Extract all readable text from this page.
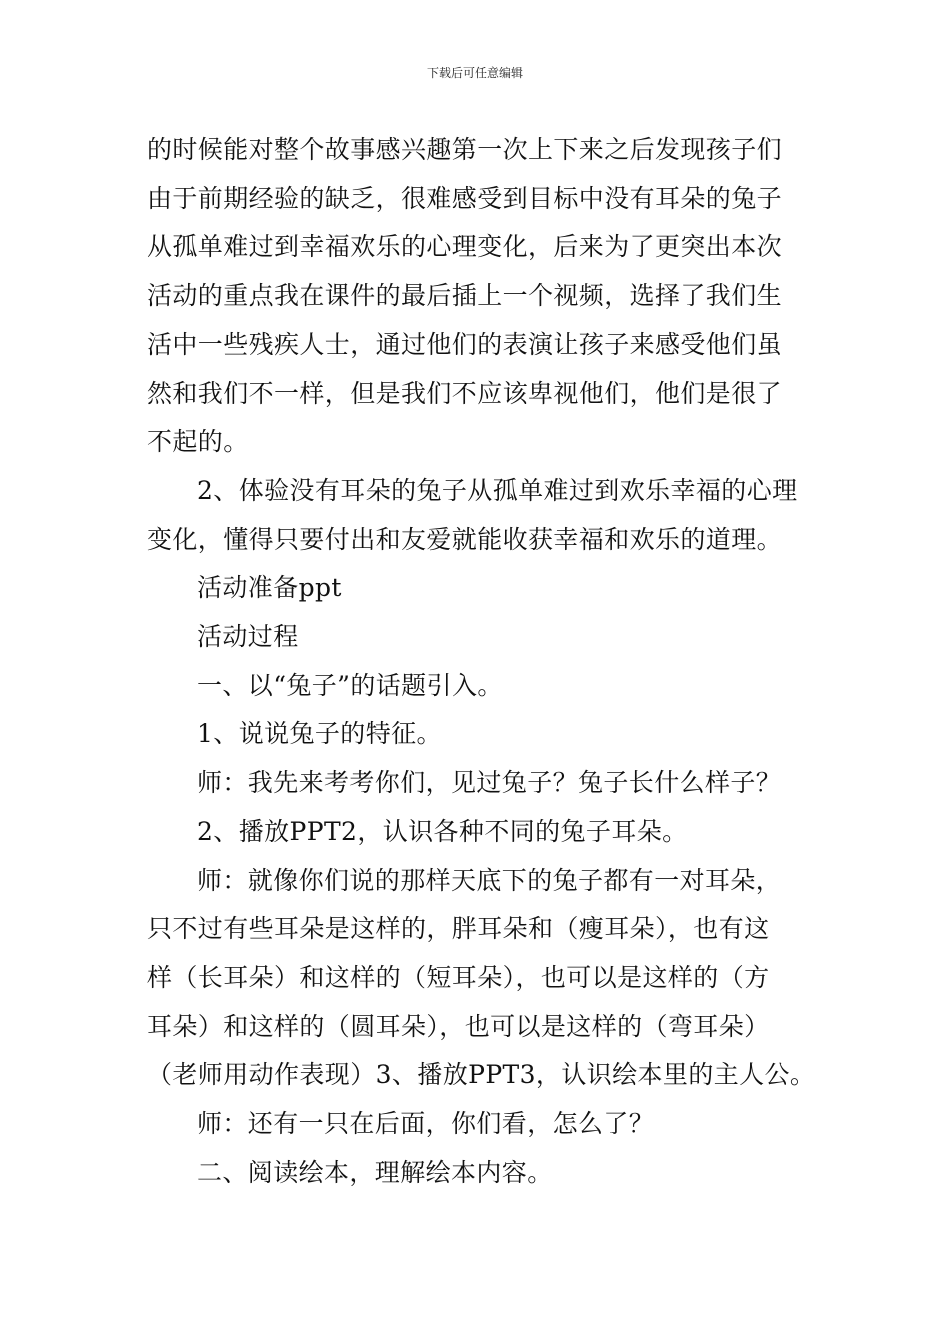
下载后可任意编辑

的时候能对整个故事感兴趣第一次上下来之后发现孩子们

由于前期经验的缺乏，很难感受到目标中没有耳朵的兔子

从孤单难过到幸福欢乐的心理变化，后来为了更突出本次

活动的重点我在课件的最后插上一个视频，选择了我们生

活中一些残疾人士，通过他们的表演让孩子来感受他们虽

然和我们不一样，但是我们不应该卑视他们，他们是很了

不起的。

2、体验没有耳朵的兔子从孤单难过到欢乐幸福的心理

变化，懂得只要付出和友爱就能收获幸福和欢乐的道理。

活动准备ppt

活动过程

一、以“兔子”的话题引入。

1、说说兔子的特征。

师：我先来考考你们，见过兔子？兔子长什么样子？

2、播放PPT2，认识各种不同的兔子耳朵。

师：就像你们说的那样天底下的兔子都有一对耳朵，

只不过有些耳朵是这样的，胖耳朵和（瘦耳朵），也有这

样（长耳朵）和这样的（短耳朵），也可以是这样的（方

耳朵）和这样的（圆耳朵），也可以是这样的（弯耳朵）

（老师用动作表现）3、播放PPT3，认识绘本里的主人公。

师：还有一只在后面，你们看，怎么了？

二、阅读绘本，理解绘本内容。
